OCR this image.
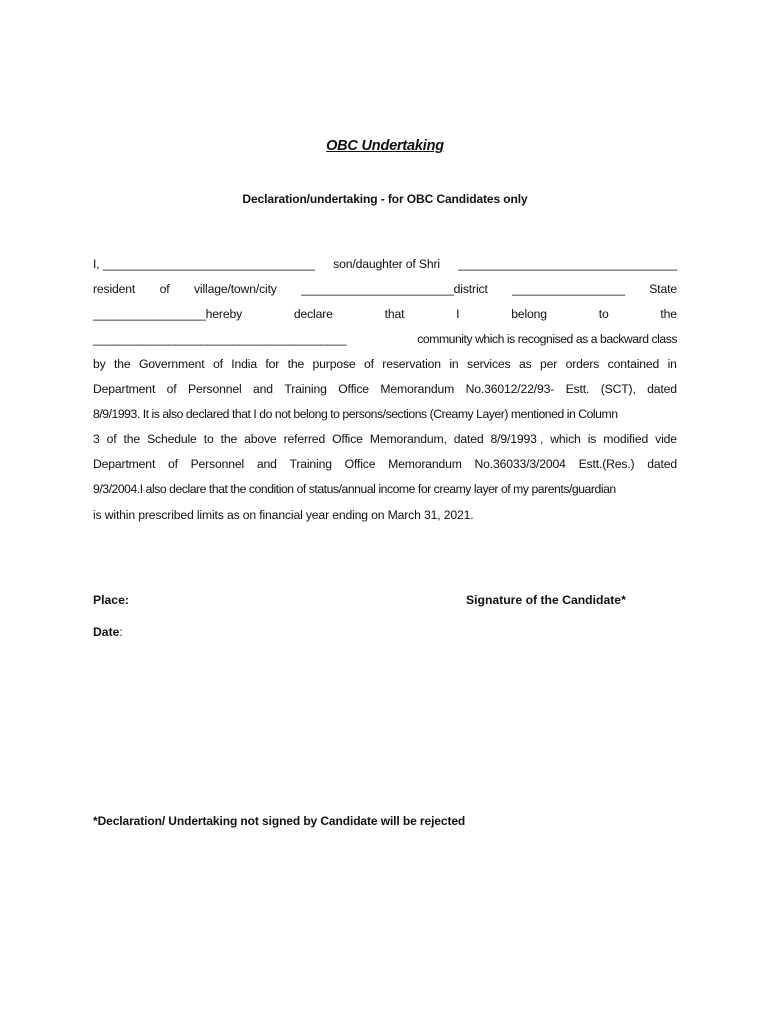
OBC Undertaking
Declaration/undertaking - for OBC Candidates only
I, ________________________________ son/daughter of Shri _________________________________
resident of village/town/city _______________________district _________________ State
_________________hereby	declare	that	I	belong	to	the
________________________________________	community which is recognised as a backward class
by the Government of India for the purpose of reservation in services as per orders contained in
Department of Personnel and Training Office Memorandum No.36012/22/93- Estt. (SCT), dated
8/9/1993. It is also declared that I do not belong to persons/sections (Creamy Layer) mentioned in Column
3 of the Schedule to the above referred Office Memorandum, dated 8/9/1993 , which is modified vide
Department of Personnel and Training Office Memorandum No.36033/3/2004 Estt.(Res.) dated
9/3/2004.I also declare that the condition of status/annual income for creamy layer of my parents/guardian
is within prescribed limits as on financial year ending on March 31, 2021.
Place:	Signature of the Candidate*
Date:
*Declaration/ Undertaking not signed by Candidate will be rejected
